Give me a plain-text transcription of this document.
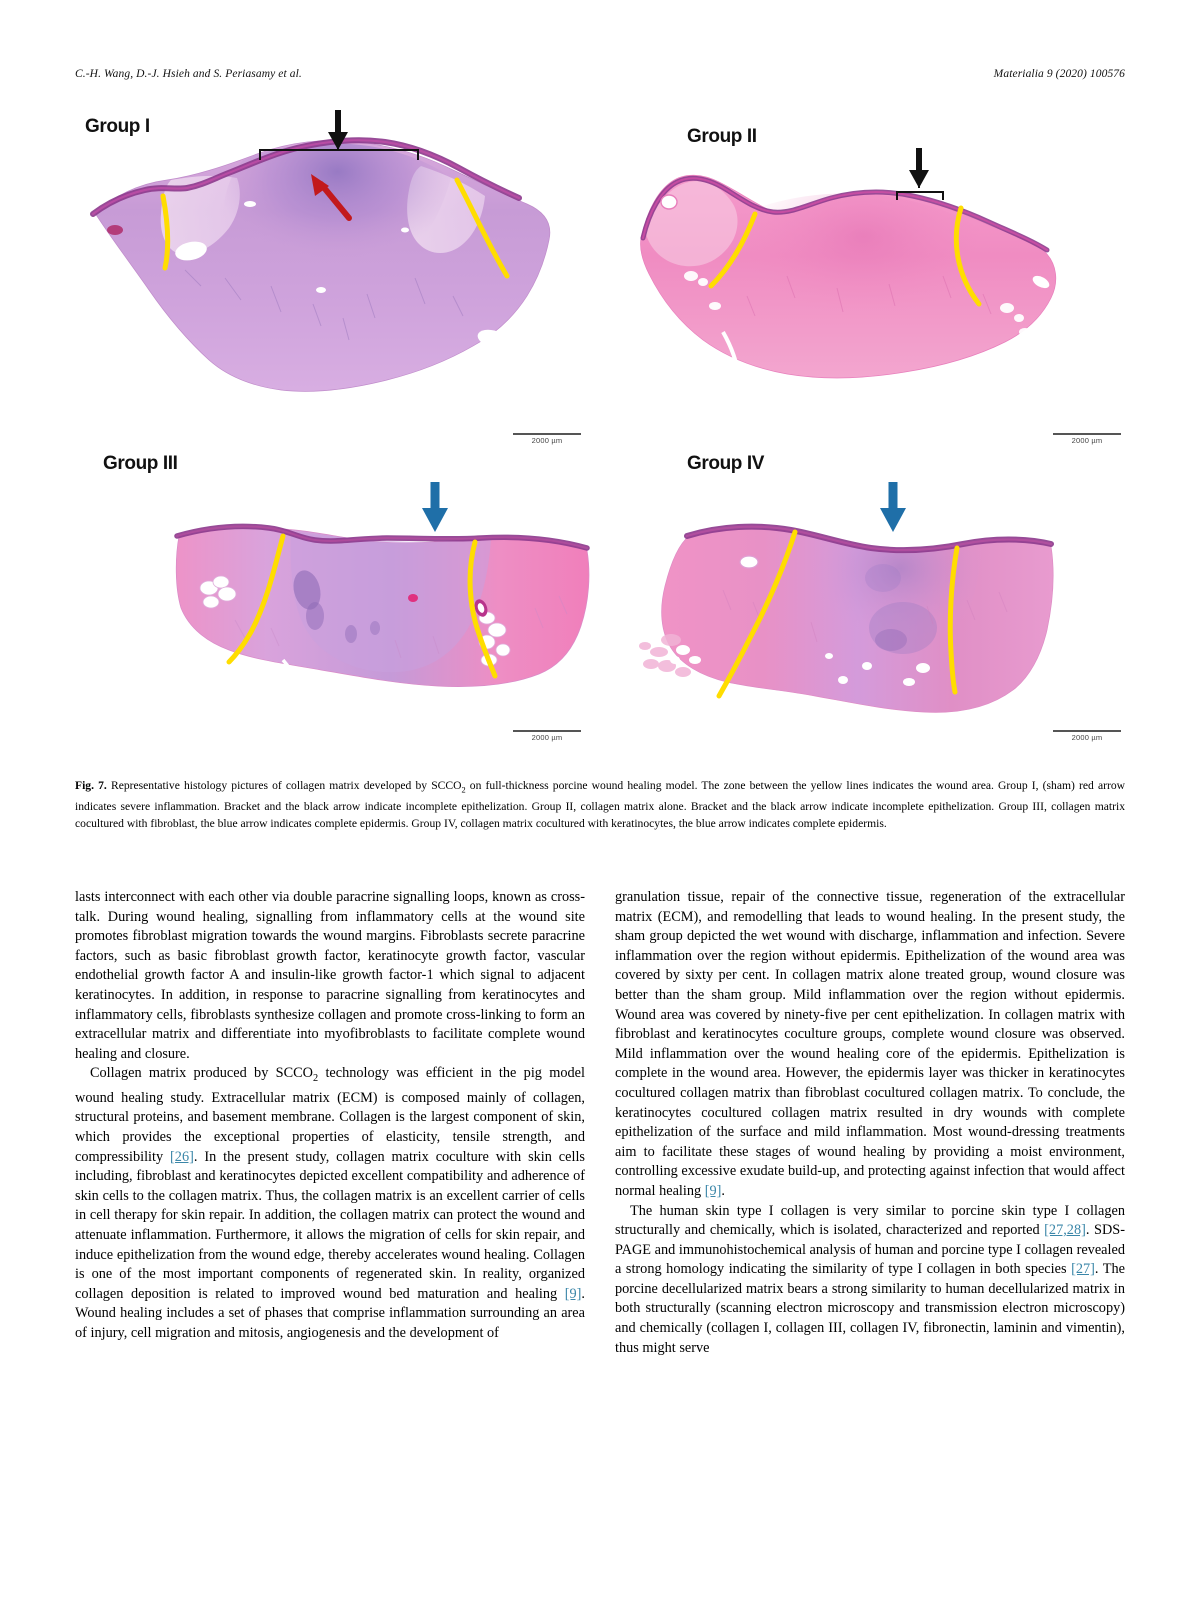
C.-H. Wang, D.-J. Hsieh and S. Periasamy et al.	Materialia 9 (2020) 100576
Group I
2000 µm
Group II
2000 µm
Group III
2000 µm
Group IV
2000 µm
Fig. 7. Representative histology pictures of collagen matrix developed by $SCCO_2$ on full-thickness porcine wound healing model. The zone between the yellow lines indicates the wound area. Group I, (sham) red arrow indicates severe inflammation. Bracket and the black arrow indicate incomplete epithelization. Group II, collagen matrix alone. Bracket and the black arrow indicate incomplete epithelization. Group III, collagen matrix cocultured with fibroblast, the blue arrow indicates complete epidermis. Group IV, collagen matrix cocultured with keratinocytes, the blue arrow indicates complete epidermis.

lasts interconnect with each other via double paracrine signalling loops, known as cross-talk. During wound healing, signalling from inflammatory cells at the wound site promotes fibroblast migration towards the wound margins. Fibroblasts secrete paracrine factors, such as basic fibroblast growth factor, keratinocyte growth factor, vascular endothelial growth factor A and insulin-like growth factor-1 which signal to adjacent keratinocytes. In addition, in response to paracrine signalling from keratinocytes and inflammatory cells, fibroblasts synthesize collagen and promote cross-linking to form an extracellular matrix and differentiate into myofibroblasts to facilitate complete wound healing and closure.

Collagen matrix produced by $SCCO_2$ technology was efficient in the pig model wound healing study. Extracellular matrix (ECM) is composed mainly of collagen, structural proteins, and basement membrane. Collagen is the largest component of skin, which provides the exceptional properties of elasticity, tensile strength, and compressibility [26]. In the present study, collagen matrix coculture with skin cells including, fibroblast and keratinocytes depicted excellent compatibility and adherence of skin cells to the collagen matrix. Thus, the collagen matrix is an excellent carrier of cells in cell therapy for skin repair. In addition, the collagen matrix can protect the wound and attenuate inflammation. Furthermore, it allows the migration of cells for skin repair, and induce epithelization from the wound edge, thereby accelerates wound healing. Collagen is one of the most important components of regenerated skin. In reality, organized collagen deposition is related to improved wound bed maturation and healing [9]. Wound healing includes a set of phases that comprise inflammation surrounding an area of injury, cell migration and mitosis, angiogenesis and the development of

granulation tissue, repair of the connective tissue, regeneration of the extracellular matrix (ECM), and remodelling that leads to wound healing. In the present study, the sham group depicted the wet wound with discharge, inflammation and infection. Severe inflammation over the region without epidermis. Epithelization of the wound area was covered by sixty per cent. In collagen matrix alone treated group, wound closure was better than the sham group. Mild inflammation over the region without epidermis. Wound area was covered by ninety-five per cent epithelization. In collagen matrix with fibroblast and keratinocytes coculture groups, complete wound closure was observed. Mild inflammation over the wound healing core of the epidermis. Epithelization is complete in the wound area. However, the epidermis layer was thicker in keratinocytes cocultured collagen matrix than fibroblast cocultured collagen matrix. To conclude, the keratinocytes cocultured collagen matrix resulted in dry wounds with complete epithelization of the surface and mild inflammation. Most wound-dressing treatments aim to facilitate these stages of wound healing by providing a moist environment, controlling excessive exudate build-up, and protecting against infection that would affect normal healing [9].

The human skin type I collagen is very similar to porcine skin type I collagen structurally and chemically, which is isolated, characterized and reported [27,28]. SDS-PAGE and immunohistochemical analysis of human and porcine type I collagen revealed a strong homology indicating the similarity of type I collagen in both species [27]. The porcine decellularized matrix bears a strong similarity to human decellularized matrix in both structurally (scanning electron microscopy and transmission electron microscopy) and chemically (collagen I, collagen III, collagen IV, fibronectin, laminin and vimentin), thus might serve
